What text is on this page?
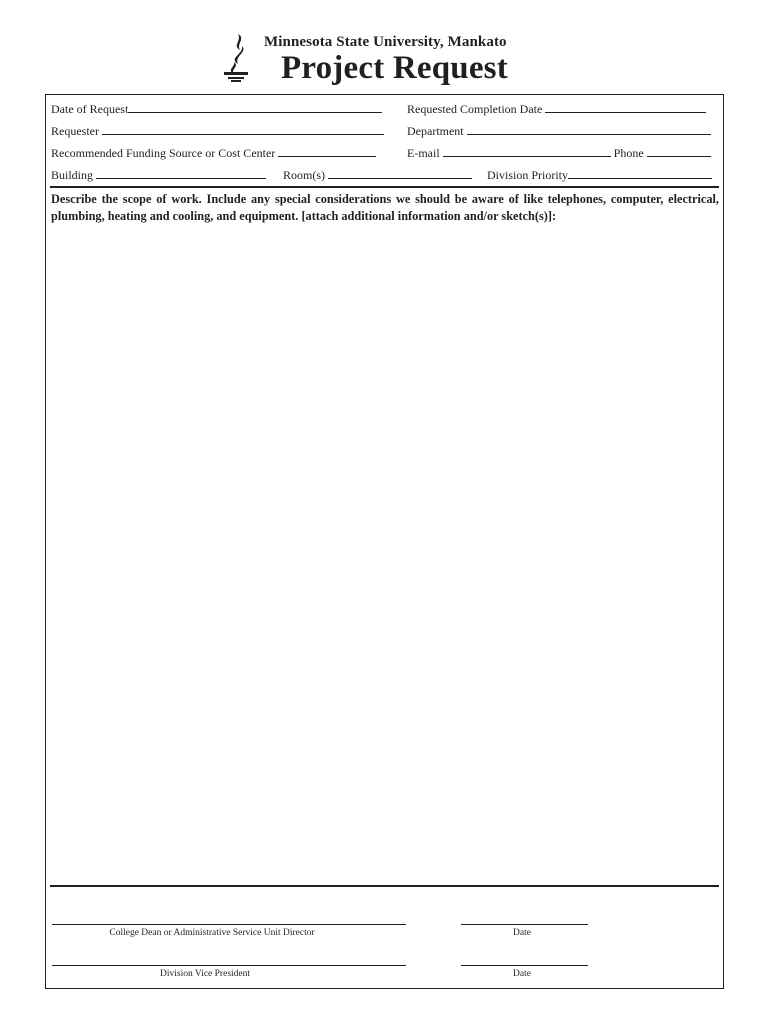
Minnesota State University, Mankato
Project Request
Date of Request	Requested Completion Date
Requester	Department
Recommended Funding Source or Cost Center	E-mail	Phone
Building	Room(s)	Division Priority
Describe the scope of work. Include any special considerations we should be aware of like telephones, computer, electrical, plumbing, heating and cooling, and equipment. [attach additional information and/or sketch(s)]:
College Dean or Administrative Service Unit Director	Date
Division Vice President	Date
